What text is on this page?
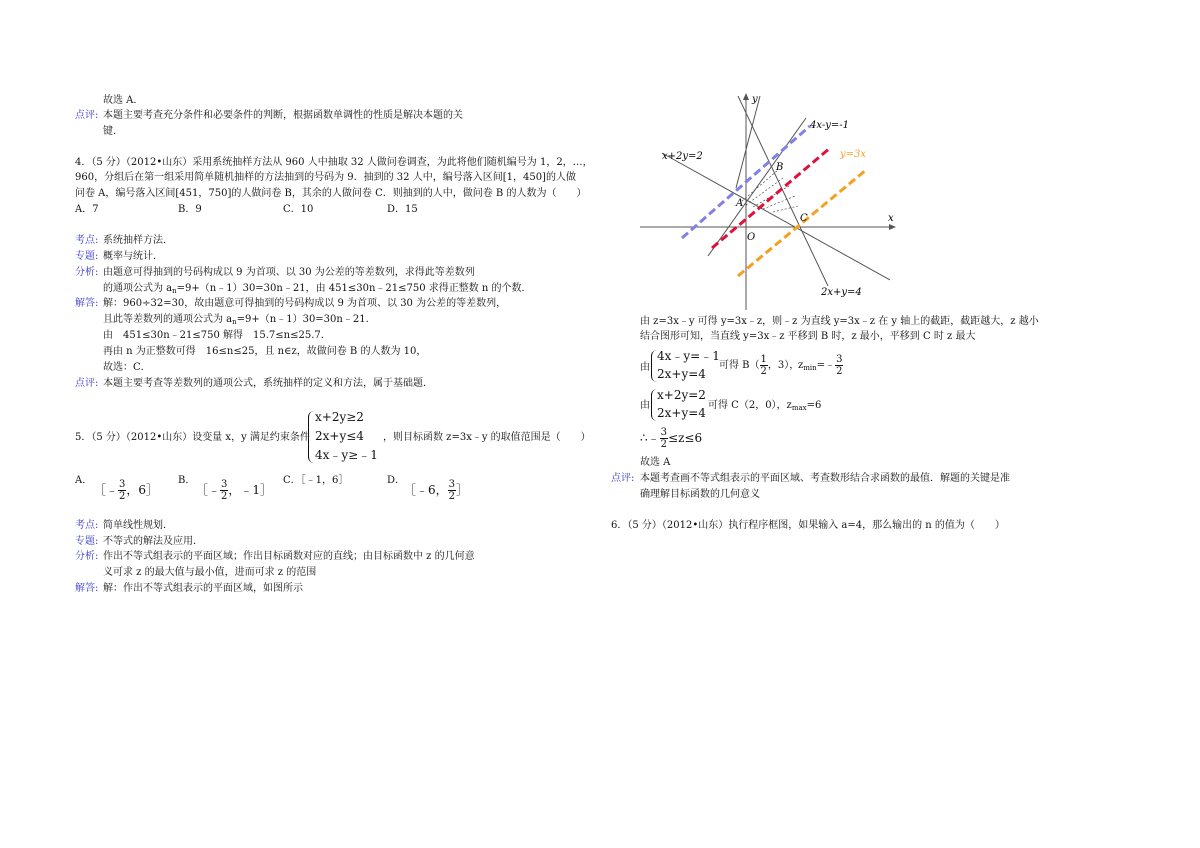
故选 A．
点评: 本题主要考查充分条件和必要条件的判断，根据函数单调性的性质是解决本题的关
键．
4．（5 分）（2012•山东）采用系统抽样方法从 960 人中抽取 32 人做问卷调查，为此将他们随机编号为 1，2，…，
960，分组后在第一组采用简单随机抽样的方法抽到的号码为 9．抽到的 32 人中，编号落入区间[1，450]的人做
问卷 A，编号落入区间[451，750]的人做问卷 B，其余的人做问卷 C．则抽到的人中，做问卷 B 的人数为（　　）
A．7	B．9	C．10	D．15
考点: 系统抽样方法．
专题: 概率与统计．
分析: 由题意可得抽到的号码构成以 9 为首项、以 30 为公差的等差数列，求得此等差数列
的通项公式为 $a_n=9+(n﹣1)30=30n﹣21$，由 451≤30n﹣21≤750 求得正整数 n 的个数．
解答: 解：960÷32=30，故由题意可得抽到的号码构成以 9 为首项、以 30 为公差的等差数列，
且此等差数列的通项公式为 $a_n=9+(n﹣1)30=30n﹣21$．
由　451≤30n﹣21≤750 解得　15.7≤n≤25.7．
再由 n 为正整数可得　16≤n≤25，且 n∈z，故做问卷 B 的人数为 10，
故选：C．
点评: 本题主要考查等差数列的通项公式，系统抽样的定义和方法，属于基础题．
5．（5 分）（2012•山东）设变量 x，y 满足约束条件
x+2y≥2
2x+y≤4
4x﹣y≥﹣1
，则目标函数 z=3x﹣y 的取值范围是（　　）
A．
［﹣ $\frac{3}{2}$ ，6］
B．
［﹣ $\frac{3}{2}$ ，﹣1］
C．［﹣1，6］	D．
［﹣6， $\frac{3}{2}$ ］
考点: 简单线性规划．
专题: 不等式的解法及应用．
分析: 作出不等式组表示的平面区域；作出目标函数对应的直线；由目标函数中 z 的几何意
义可求 z 的最大值与最小值，进而可求 z 的范围
解答: 解：作出不等式组表示的平面区域，如图所示
y
x
O
4x-y=-1
x+2y=2	y=3x
2x+y=4
A
B
C
由 z=3x﹣y 可得 y=3x﹣z，则﹣z 为直线 y=3x﹣z 在 y 轴上的截距，截距越大，z 越小
结合图形可知，当直线 y=3x﹣z 平移到 B 时，z 最小，平移到 C 时 z 最大
由
4x﹣y=﹣1
2x+y=4
可得 $B( \frac{1}{2}$ ，3），
$z_{min}=﹣ \frac{3}{2}$
由
x+2y=2
2x+y=4
可得 C（2，0），$z_{max}=6$
∴﹣ $\frac{3}{2} \le z\le 6$
故选 A
点评: 本题考查画不等式组表示的平面区域、考查数形结合求函数的最值．解题的关键是准
确理解目标函数的几何意义
6．（5 分）（2012•山东）执行程序框图，如果输入 a=4，那么输出的 n 的值为（　　）
